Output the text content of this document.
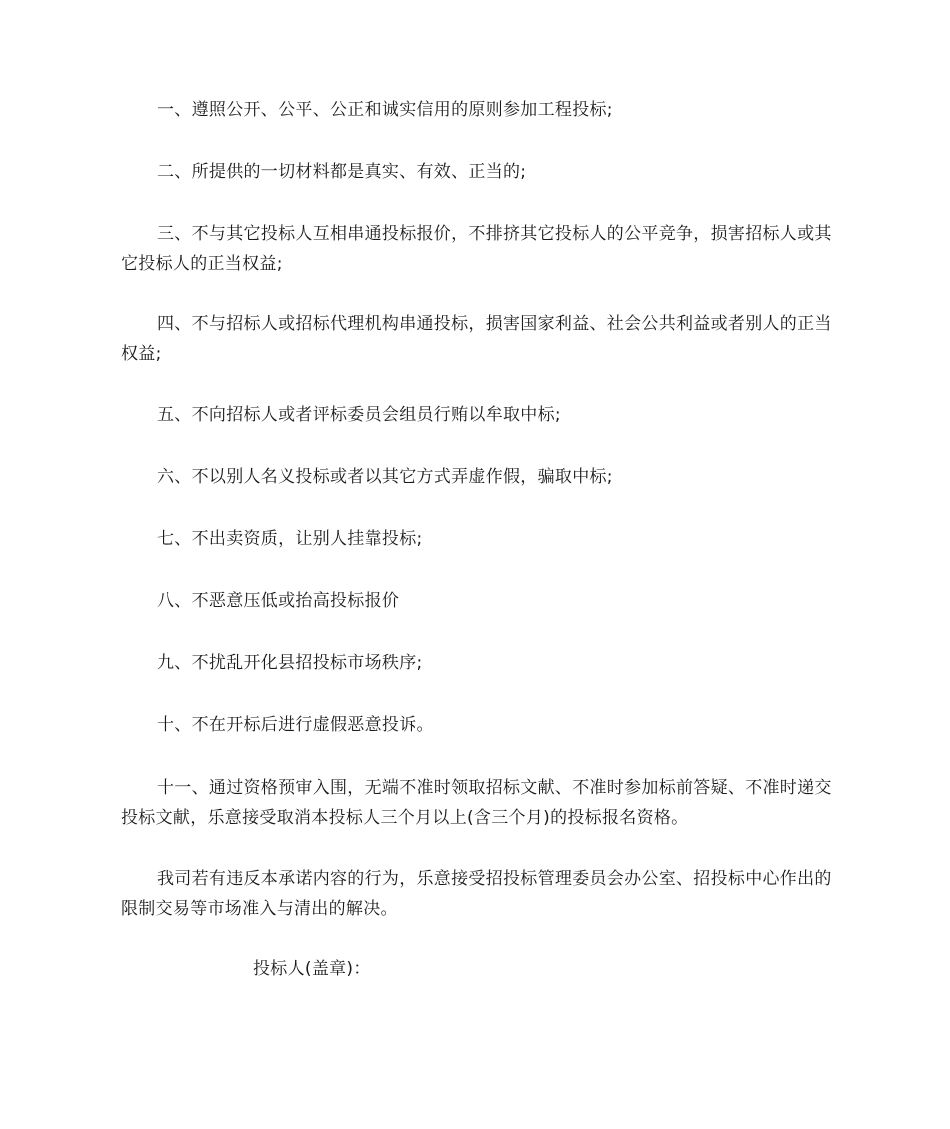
一、遵照公开、公平、公正和诚实信用的原则参加工程投标;

二、所提供的一切材料都是真实、有效、正当的;

三、不与其它投标人互相串通投标报价，不排挤其它投标人的公平竞争，损害招标人或其它投标人的正当权益;

四、不与招标人或招标代理机构串通投标，损害国家利益、社会公共利益或者别人的正当权益;

五、不向招标人或者评标委员会组员行贿以牟取中标;

六、不以别人名义投标或者以其它方式弄虚作假，骗取中标;

七、不出卖资质，让别人挂靠投标;

八、不恶意压低或抬高投标报价

九、不扰乱开化县招投标市场秩序;

十、不在开标后进行虚假恶意投诉。

十一、通过资格预审入围，无端不准时领取招标文献、不准时参加标前答疑、不准时递交投标文献，乐意接受取消本投标人三个月以上(含三个月)的投标报名资格。

我司若有违反本承诺内容的行为，乐意接受招投标管理委员会办公室、招投标中心作出的限制交易等市场准入与清出的解决。

投标人(盖章)：
